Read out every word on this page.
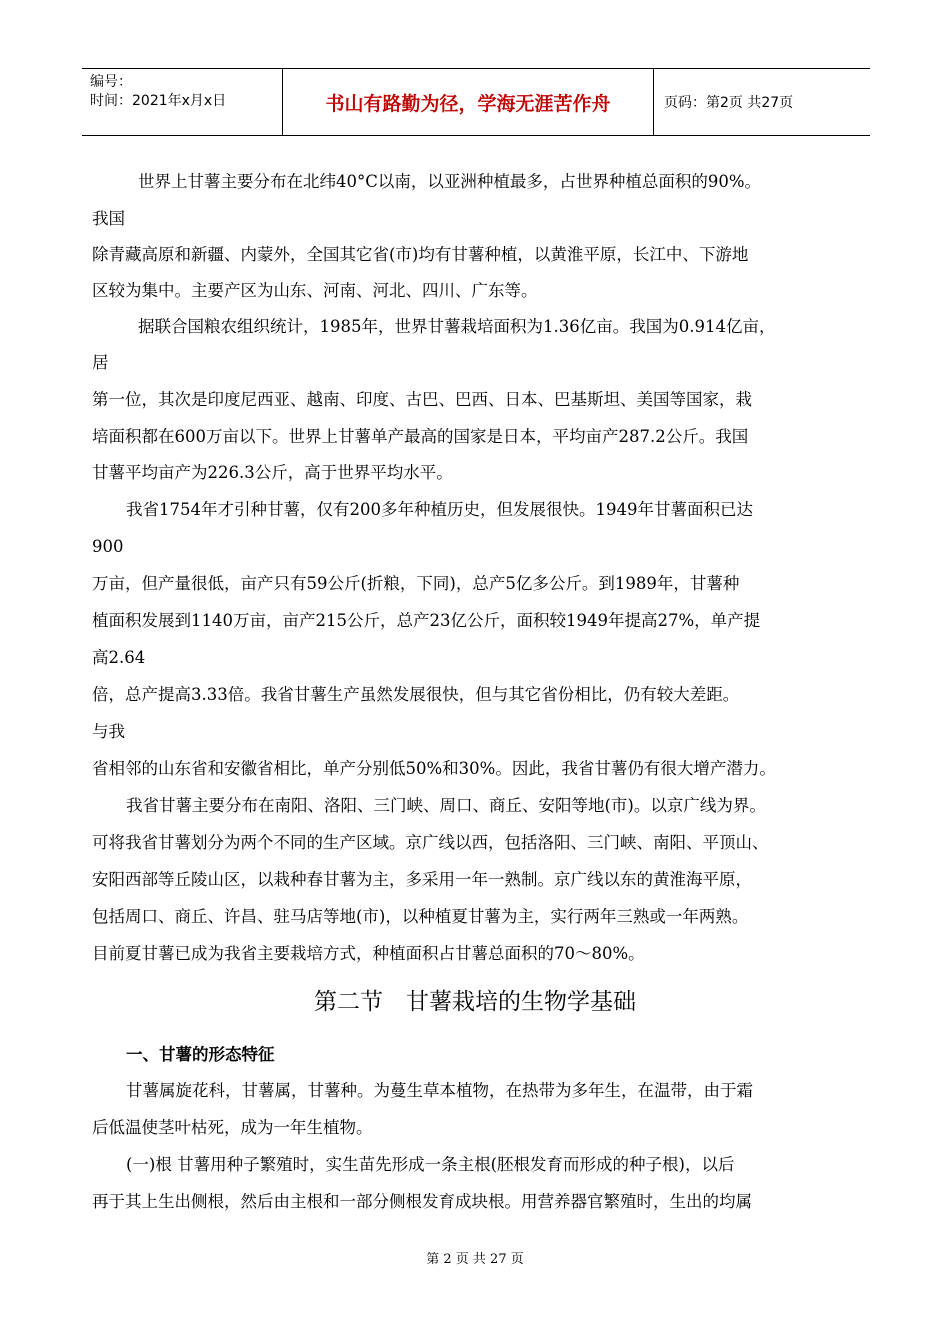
编号：
时间：2021年x月x日	书山有路勤为径，学海无涯苦作舟	页码：第2页 共27页
世界上甘薯主要分布在北纬40°C以南，以亚洲种植最多，占世界种植总面积的90%。
我国
除青藏高原和新疆、内蒙外，全国其它省(市)均有甘薯种植，以黄淮平原，长江中、下游地
区较为集中。主要产区为山东、河南、河北、四川、广东等。
据联合国粮农组织统计，1985年，世界甘薯栽培面积为1.36亿亩。我国为0.914亿亩，
居
第一位，其次是印度尼西亚、越南、印度、古巴、巴西、日本、巴基斯坦、美国等国家，栽
培面积都在600万亩以下。世界上甘薯单产最高的国家是日本，平均亩产287.2公斤。我国
甘薯平均亩产为226.3公斤，高于世界平均水平。
我省1754年才引种甘薯，仅有200多年种植历史，但发展很快。1949年甘薯面积已达
900
万亩，但产量很低，亩产只有59公斤(折粮，下同)，总产5亿多公斤。到1989年，甘薯种
植面积发展到1140万亩，亩产215公斤，总产23亿公斤，面积较1949年提高27%，单产提
高2.64
倍，总产提高3.33倍。我省甘薯生产虽然发展很快，但与其它省份相比，仍有较大差距。
与我
省相邻的山东省和安徽省相比，单产分别低50%和30%。因此，我省甘薯仍有很大增产潜力。
我省甘薯主要分布在南阳、洛阳、三门峡、周口、商丘、安阳等地(市)。以京广线为界。
可将我省甘薯划分为两个不同的生产区域。京广线以西，包括洛阳、三门峡、南阳、平顶山、
安阳西部等丘陵山区，以栽种春甘薯为主，多采用一年一熟制。京广线以东的黄淮海平原，
包括周口、商丘、许昌、驻马店等地(市)，以种植夏甘薯为主，实行两年三熟或一年两熟。
目前夏甘薯已成为我省主要栽培方式，种植面积占甘薯总面积的70～80%。
第二节　甘薯栽培的生物学基础
一、甘薯的形态特征
甘薯属旋花科，甘薯属，甘薯种。为蔓生草本植物，在热带为多年生，在温带，由于霜
后低温使茎叶枯死，成为一年生植物。
(一)根 甘薯用种子繁殖时，实生苗先形成一条主根(胚根发育而形成的种子根)，以后
再于其上生出侧根，然后由主根和一部分侧根发育成块根。用营养器官繁殖时，生出的均属
第 2 页 共 27 页
